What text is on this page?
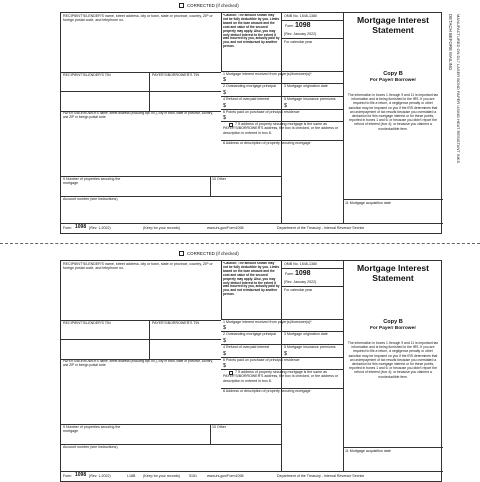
DETACH BEFORE MAILING MANUFACTURED ON DL7 LASER BOND PAPER USING HEAT RESISTANT INKS
CORRECTED (if checked)
RECIPIENT'S/LENDER'S name, street address, city or town, state or province, country, ZIP or foreign postal code, and telephone no.
*Caution: The amount shown may not be fully deductible by you. Limits based on the loan amount and the cost and value of the secured property may apply. Also, you may only deduct interest to the extent it was incurred by you, actually paid by you, and not reimbursed by another person.
OMB No. 1545-1380
Form 1098
(Rev. January 2022)
For calendar year
Mortgage Interest Statement
1 Mortgage interest received from payer(s)/borrower(s)*
$
RECIPIENT'S/LENDER'S TIN	PAYER'S/BORROWER'S TIN
2 Outstanding mortgage principal
$
3 Mortgage origination date
4 Refund of overpaid interest
$
5 Mortgage insurance premiums
$
PAYER'S/BORROWER'S name, street address (including apt. no.), city or town, state or province, country, and ZIP or foreign postal code
6 Points paid on purchase of principal residence
$
7 If address of property securing mortgage is the same as PAYER'S/BORROWER'S address, the box is checked, or the address or description is entered in box 8.
8 Address or description of property securing mortgage
9 Number of properties securing the mortgage
10 Other
Account number (see instructions)
Copy B
For Payer/ Borrower
The information in boxes 1 through 9 and 11 is important tax information and is being furnished to the IRS. If you are required to file a return, a negligence penalty or other sanction may be imposed on you if the IRS determines that an underpayment of tax results because you overstated a deduction for this mortgage interest or for these points, reported in boxes 1 and 6; or because you didn't report the refund of interest (box 4); or because you claimed a nondeductible item.
11 Mortgage acquisition date
Form 1098 (Rev. 1-2022)	(Keep for your records)	www.irs.gov/Form1098	Department of the Treasury - Internal Revenue Service
CORRECTED (if checked)
RECIPIENT'S/LENDER'S name, street address, city or town, state or province, country, ZIP or foreign postal code, and telephone no.
*Caution: The amount shown may not be fully deductible by you. Limits based on the loan amount and the cost and value of the secured property may apply. Also, you may only deduct interest to the extent it was incurred by you, actually paid by you, and not reimbursed by another person.
OMB No. 1545-1380
Form 1098
(Rev. January 2022)
For calendar year
Mortgage Interest Statement
1 Mortgage interest received from payer(s)/borrower(s)*
$
RECIPIENT'S/LENDER'S TIN	PAYER'S/BORROWER'S TIN
2 Outstanding mortgage principal
$
3 Mortgage origination date
4 Refund of overpaid interest
$
5 Mortgage insurance premiums
$
PAYER'S/BORROWER'S name, street address (including apt. no.), city or town, state or province, country, and ZIP or foreign postal code
6 Points paid on purchase of principal residence
$
7 If address of property securing mortgage is the same as PAYER'S/BORROWER'S address, the box is checked, or the address or description is entered in box 8.
8 Address or description of property securing mortgage
9 Number of properties securing the mortgage
10 Other
Account number (see instructions)
Copy B
For Payer/ Borrower
The information in boxes 1 through 9 and 11 is important tax information and is being furnished to the IRS. If you are required to file a return, a negligence penalty or other sanction may be imposed on you if the IRS determines that an underpayment of tax results because you overstated a deduction for this mortgage interest or for these points, reported in boxes 1 and 6; or because you didn't report the refund of interest (box 4); or because you claimed a nondeductible item.
11 Mortgage acquisition date
Form 1098 (Rev. 1-2022)	L18B (Keep for your records)	5151	www.irs.gov/Form1098	Department of the Treasury - Internal Revenue Service
